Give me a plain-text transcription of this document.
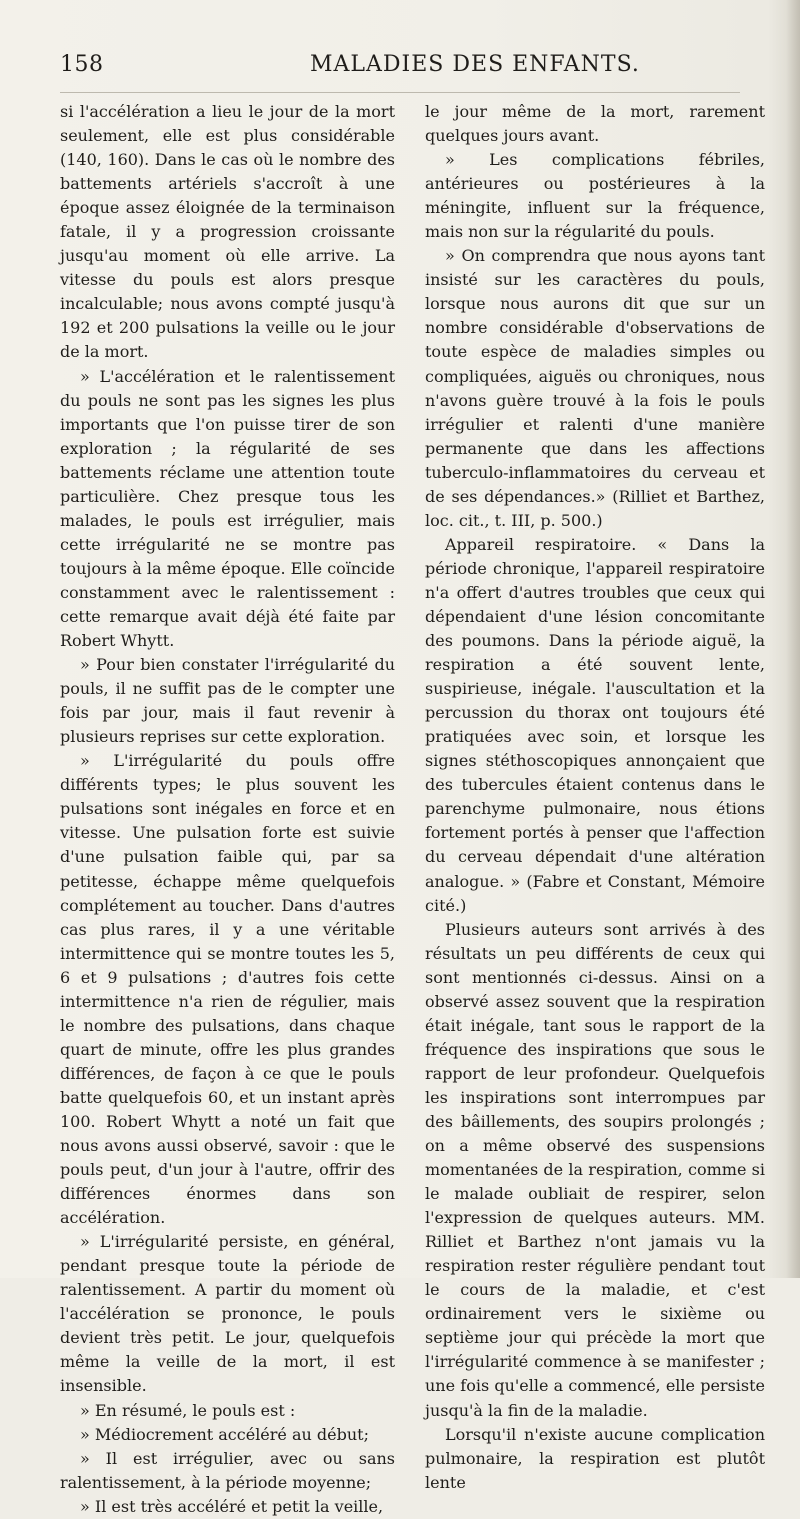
158	MALADIES DES ENFANTS.

si l'accélération a lieu le jour de la mort seulement, elle est plus considérable (140, 160). Dans le cas où le nombre des battements artériels s'accroît à une époque assez éloignée de la terminaison fatale, il y a progression croissante jusqu'au moment où elle arrive. La vitesse du pouls est alors presque incalculable; nous avons compté jusqu'à 192 et 200 pulsations la veille ou le jour de la mort.

» L'accélération et le ralentissement du pouls ne sont pas les signes les plus importants que l'on puisse tirer de son exploration ; la régularité de ses battements réclame une attention toute particulière. Chez presque tous les malades, le pouls est irrégulier, mais cette irrégularité ne se montre pas toujours à la même époque. Elle coïncide constamment avec le ralentissement : cette remarque avait déjà été faite par Robert Whytt.

» Pour bien constater l'irrégularité du pouls, il ne suffit pas de le compter une fois par jour, mais il faut revenir à plusieurs reprises sur cette exploration.

» L'irrégularité du pouls offre différents types; le plus souvent les pulsations sont inégales en force et en vitesse. Une pulsation forte est suivie d'une pulsation faible qui, par sa petitesse, échappe même quelquefois complétement au toucher. Dans d'autres cas plus rares, il y a une véritable intermittence qui se montre toutes les 5, 6 et 9 pulsations ; d'autres fois cette intermittence n'a rien de régulier, mais le nombre des pulsations, dans chaque quart de minute, offre les plus grandes différences, de façon à ce que le pouls batte quelquefois 60, et un instant après 100. Robert Whytt a noté un fait que nous avons aussi observé, savoir : que le pouls peut, d'un jour à l'autre, offrir des différences énormes dans son accélération.

» L'irrégularité persiste, en général, pendant presque toute la période de ralentissement. A partir du moment où l'accélération se prononce, le pouls devient très petit. Le jour, quelquefois même la veille de la mort, il est insensible.

» En résumé, le pouls est :

» Médiocrement accéléré au début;

» Il est irrégulier, avec ou sans ralentissement, à la période moyenne;

» Il est très accéléré et petit la veille,

le jour même de la mort, rarement quelques jours avant.

» Les complications fébriles, antérieures ou postérieures à la méningite, influent sur la fréquence, mais non sur la régularité du pouls.

» On comprendra que nous ayons tant insisté sur les caractères du pouls, lorsque nous aurons dit que sur un nombre considérable d'observations de toute espèce de maladies simples ou compliquées, aiguës ou chroniques, nous n'avons guère trouvé à la fois le pouls irrégulier et ralenti d'une manière permanente que dans les affections tuberculo-inflammatoires du cerveau et de ses dépendances.» (Rilliet et Barthez, loc. cit., t. III, p. 500.)

Appareil respiratoire. « Dans la période chronique, l'appareil respiratoire n'a offert d'autres troubles que ceux qui dépendaient d'une lésion concomitante des poumons. Dans la période aiguë, la respiration a été souvent lente, suspirieuse, inégale. l'auscultation et la percussion du thorax ont toujours été pratiquées avec soin, et lorsque les signes stéthoscopiques annonçaient que des tubercules étaient contenus dans le parenchyme pulmonaire, nous étions fortement portés à penser que l'affection du cerveau dépendait d'une altération analogue. » (Fabre et Constant, Mémoire cité.)

Plusieurs auteurs sont arrivés à des résultats un peu différents de ceux qui sont mentionnés ci-dessus. Ainsi on a observé assez souvent que la respiration était inégale, tant sous le rapport de la fréquence des inspirations que sous le rapport de leur profondeur. Quelquefois les inspirations sont interrompues par des bâillements, des soupirs prolongés ; on a même observé des suspensions momentanées de la respiration, comme si le malade oubliait de respirer, selon l'expression de quelques auteurs. MM. Rilliet et Barthez n'ont jamais vu la respiration rester régulière pendant tout le cours de la maladie, et c'est ordinairement vers le sixième ou septième jour qui précède la mort que l'irrégularité commence à se manifester ; une fois qu'elle a commencé, elle persiste jusqu'à la fin de la maladie.

Lorsqu'il n'existe aucune complication pulmonaire, la respiration est plutôt lente
